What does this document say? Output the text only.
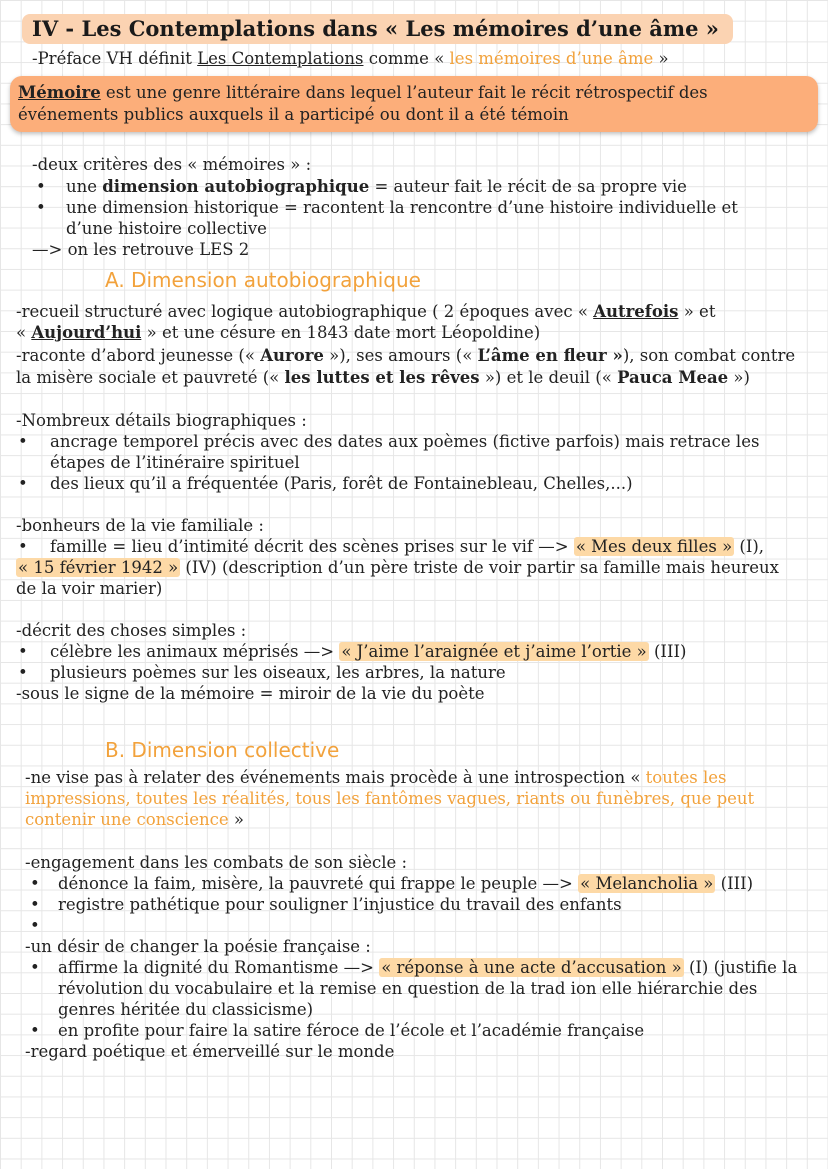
IV - Les Contemplations dans « Les mémoires d’une âme »
-Préface VH définit Les Contemplations comme « les mémoires d’une âme »
Mémoire est une genre littéraire dans lequel l’auteur fait le récit rétrospectif des
événements publics auxquels il a participé ou dont il a été témoin
-deux critères des « mémoires » :
• une dimension autobiographique = auteur fait le récit de sa propre vie
• une dimension historique = racontent la rencontre d’une histoire individuelle et
d’une histoire collective
—> on les retrouve LES 2
A. Dimension autobiographique
-recueil structuré avec logique autobiographique ( 2 époques avec « Autrefois » et
« Aujourd’hui » et une césure en 1843 date mort Léopoldine)
-raconte d’abord jeunesse (« Aurore »), ses amours (« L’âme en fleur »), son combat contre
la misère sociale et pauvreté (« les luttes et les rêves ») et le deuil (« Pauca Meae »)
-Nombreux détails biographiques :
• ancrage temporel précis avec des dates aux poèmes (fictive parfois) mais retrace les
étapes de l’itinéraire spirituel
• des lieux qu’il a fréquentée (Paris, forêt de Fontainebleau, Chelles,...)
-bonheurs de la vie familiale :
• famille = lieu d’intimité décrit des scènes prises sur le vif —> « Mes deux filles » (I),
« 15 février 1942 » (IV) (description d’un père triste de voir partir sa famille mais heureux
de la voir marier)
-décrit des choses simples :
• célèbre les animaux méprisés —> « J’aime l’araignée et j’aime l’ortie » (III)
• plusieurs poèmes sur les oiseaux, les arbres, la nature
-sous le signe de la mémoire = miroir de la vie du poète
B. Dimension collective
-ne vise pas à relater des événements mais procède à une introspection « toutes les
impressions, toutes les réalités, tous les fantômes vagues, riants ou funèbres, que peut
contenir une conscience »
-engagement dans les combats de son siècle :
• dénonce la faim, misère, la pauvreté qui frappe le peuple —> « Melancholia » (III)
• registre pathétique pour souligner l’injustice du travail des enfants
•
-un désir de changer la poésie française :
• affirme la dignité du Romantisme —> « réponse à une acte d’accusation » (I) (justifie la
révolution du vocabulaire et la remise en question de la trad ion elle hiérarchie des
genres héritée du classicisme)
• en profite pour faire la satire féroce de l’école et l’académie française
-regard poétique et émerveillé sur le monde
